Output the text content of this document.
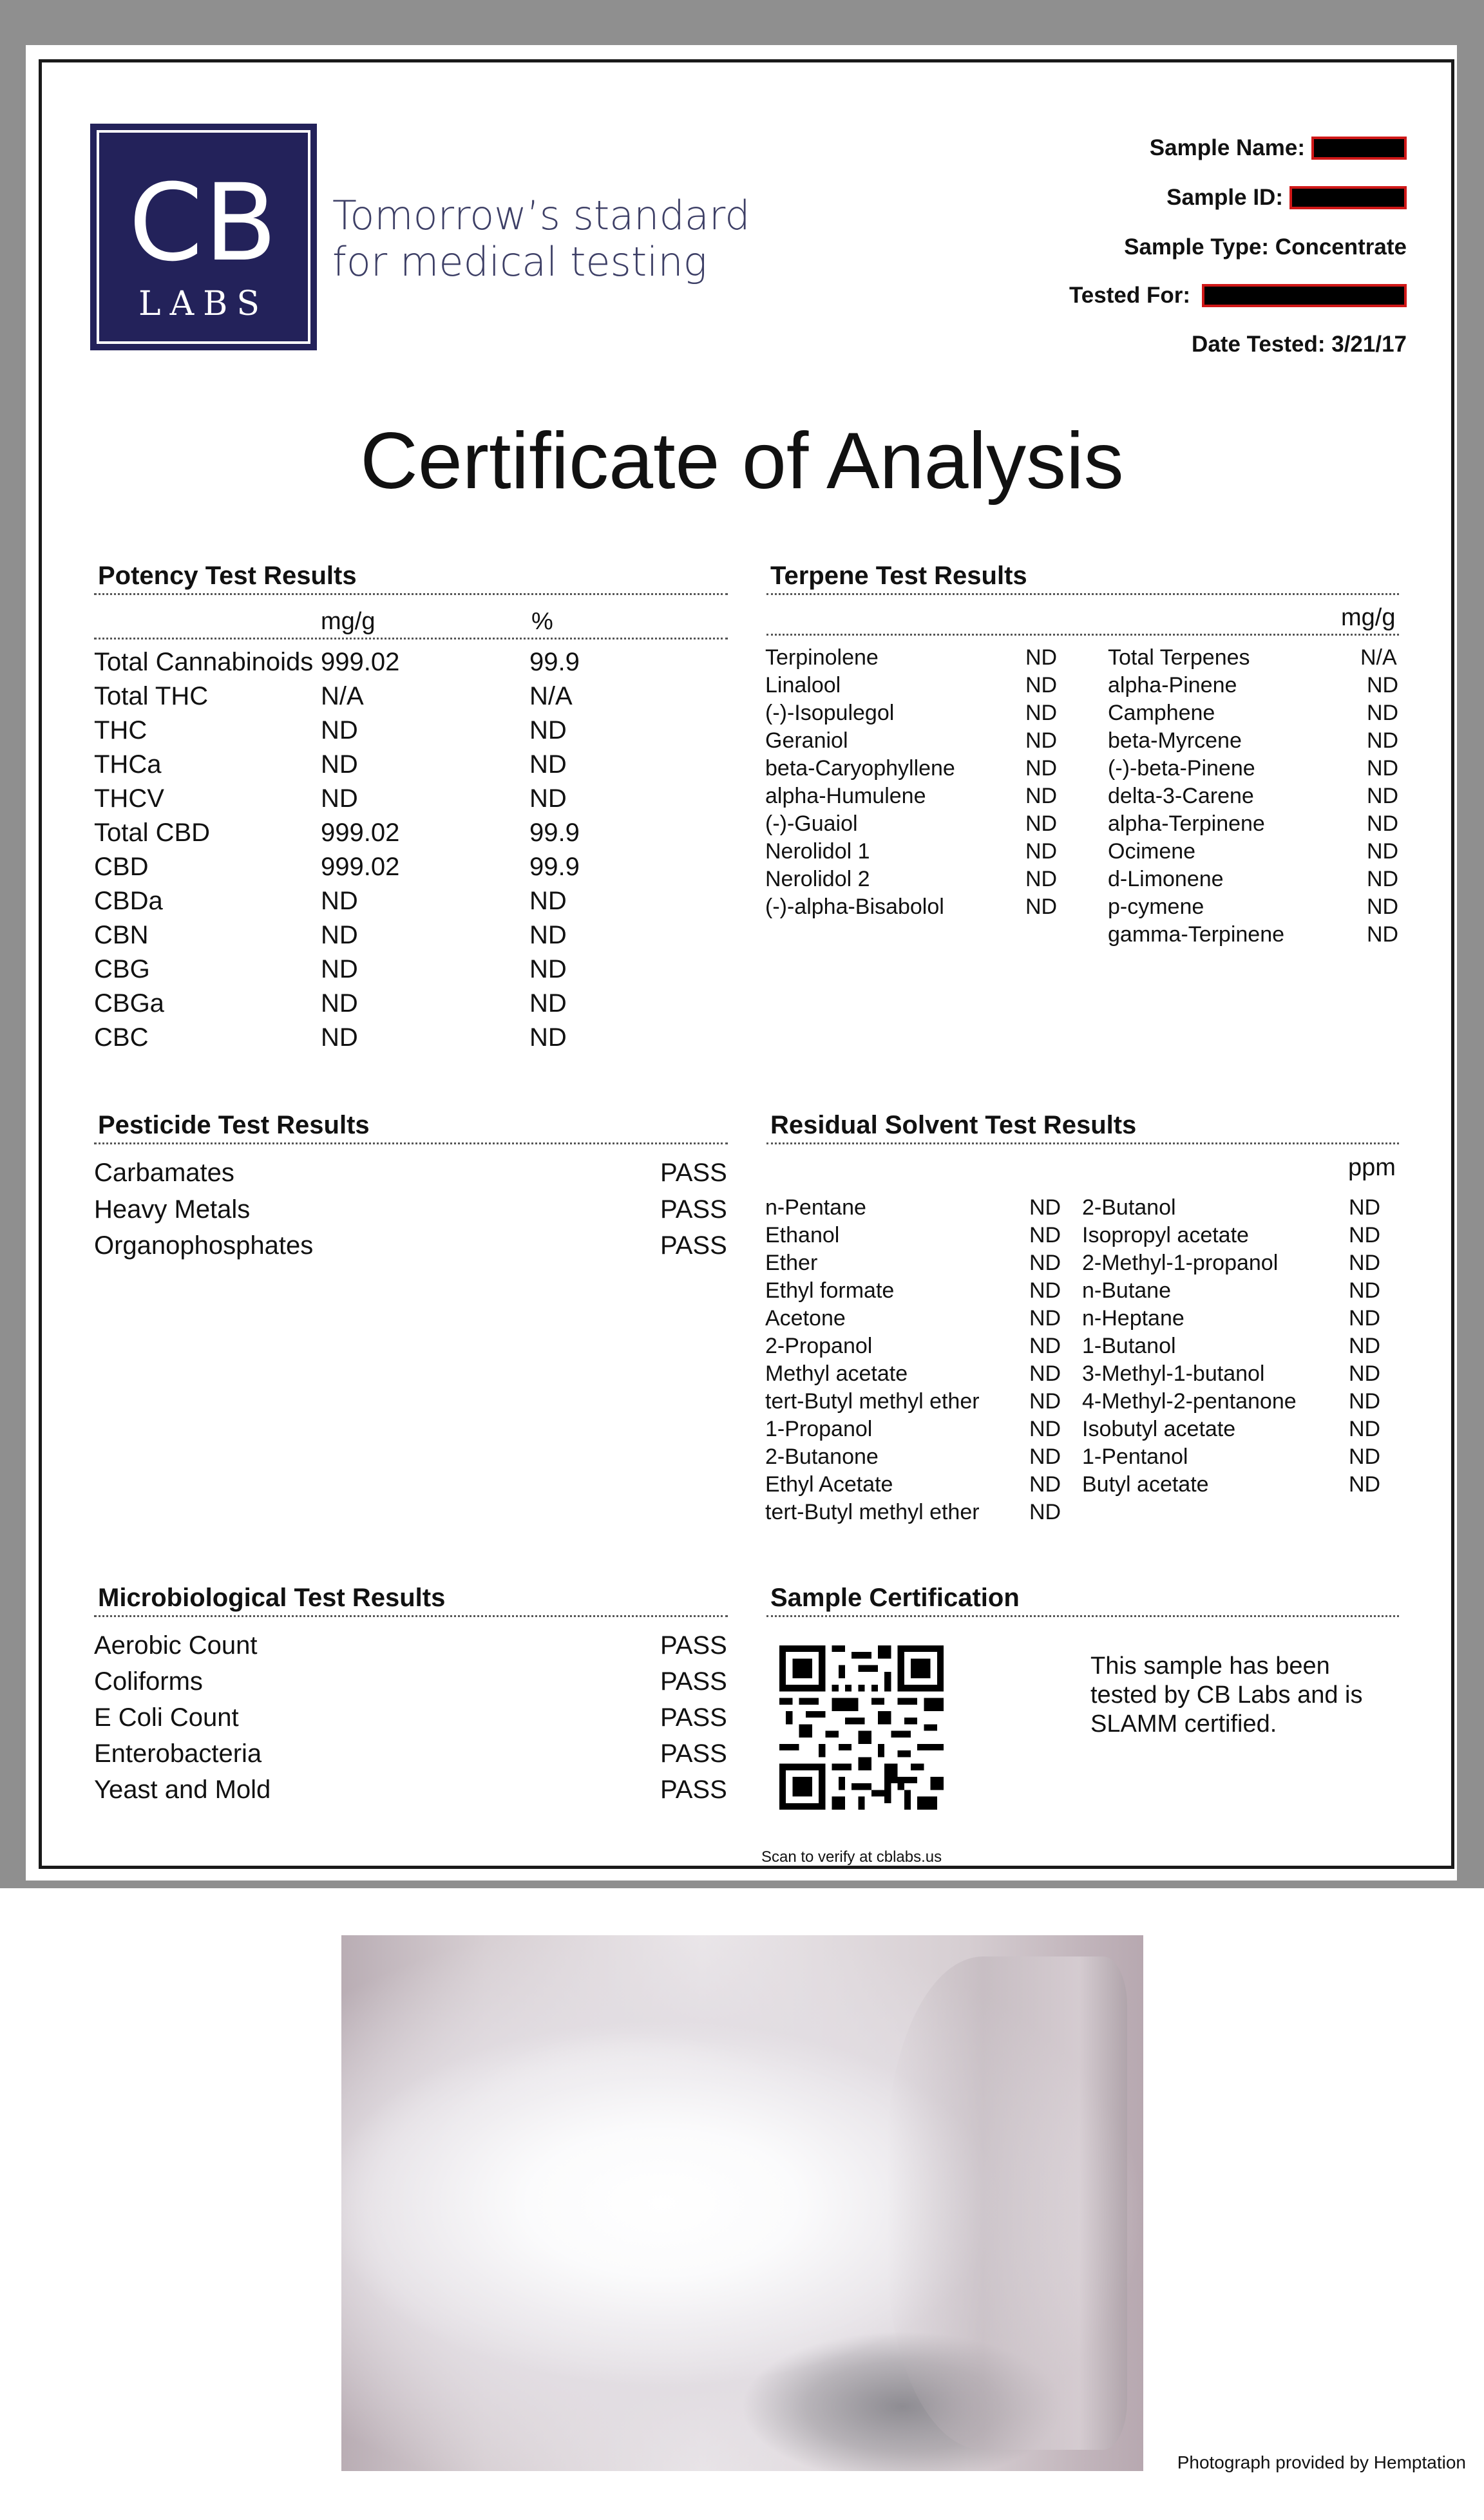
CB
LABS
Tomorrow’s standard
for medical testing
Sample Name:
Sample ID:
Sample Type: Concentrate
Tested For:
Date Tested: 3/21/17
Certificate of Analysis
Potency Test Results	Terpene Test Results
Pesticide Test Results	Residual Solvent Test Results
Microbiological Test Results	Sample Certification
mg/g	%	mg/g
ppm
Total Cannabinoids 999.02	99.9
Total THC	N/A	N/A
THC	ND	ND
THCa	ND	ND
THCV	ND	ND
Total CBD	999.02	99.9
CBD	999.02	99.9
CBDa	ND	ND
CBN	ND	ND
CBG	ND	ND
CBGa	ND	ND
CBC	ND	ND
Terpinolene	ND
Linalool	ND
(-)-Isopulegol	ND
Geraniol	ND
beta-Caryophyllene	ND
alpha-Humulene	ND
(-)-Guaiol	ND
Nerolidol 1	ND
Nerolidol 2	ND
(-)-alpha-Bisabolol	ND
Total Terpenes	N/A
alpha-Pinene	ND
Camphene	ND
beta-Myrcene	ND
(-)-beta-Pinene	ND
delta-3-Carene	ND
alpha-Terpinene	ND
Ocimene	ND
d-Limonene	ND
p-cymene	ND
gamma-Terpinene	ND
Carbamates	PASS
Heavy Metals	PASS
Organophosphates	PASS
n-Pentane	ND
Ethanol	ND
Ether	ND
Ethyl formate	ND
Acetone	ND
2-Propanol	ND
Methyl acetate	ND
tert-Butyl methyl ether ND
1-Propanol	ND
2-Butanone	ND
Ethyl Acetate	ND
tert-Butyl methyl ether ND
2-Butanol	ND
Isopropyl acetate	ND
2-Methyl-1-propanol	ND
n-Butane	ND
n-Heptane	ND
1-Butanol	ND
3-Methyl-1-butanol	ND
4-Methyl-2-pentanone ND
Isobutyl acetate	ND
1-Pentanol	ND
Butyl acetate	ND
Aerobic Count	PASS
Coliforms	PASS
E Coli Count	PASS
Enterobacteria	PASS
Yeast and Mold	PASS
This sample has been
tested by CB Labs and is
SLAMM certified.
Scan to verify at cblabs.us
Photograph provided by Hemptation
